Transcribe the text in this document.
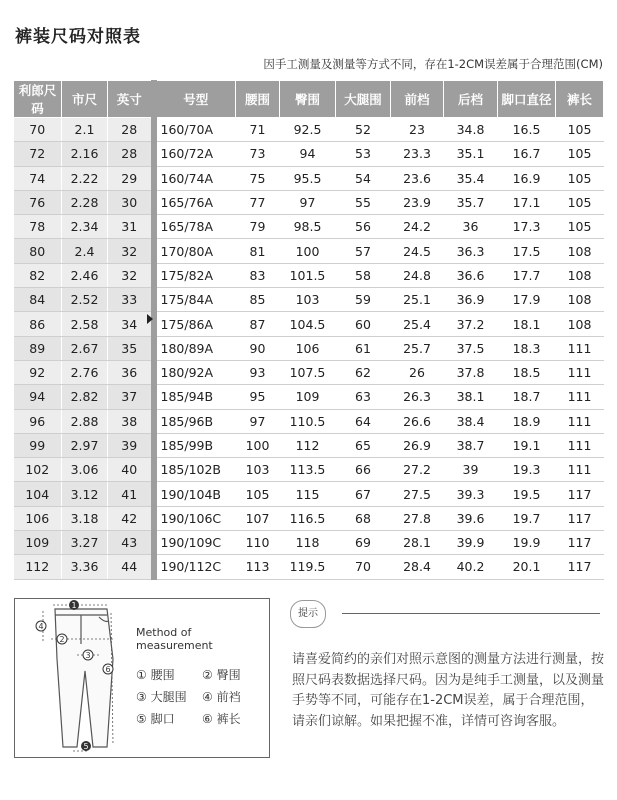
裤装尺码对照表
因手工测量及测量等方式不同，存在1-2CM误差属于合理范围(CM)
利郎尺码	市尺	英寸	号型	腰围	臀围	大腿围	前档	后档	脚口直径	裤长
70	2.1	28	160/70A	71	92.5	52	23	34.8	16.5	105
72	2.16	28	160/72A	73	94	53	23.3	35.1	16.7	105
74	2.22	29	160/74A	75	95.5	54	23.6	35.4	16.9	105
76	2.28	30	165/76A	77	97	55	23.9	35.7	17.1	105
78	2.34	31	165/78A	79	98.5	56	24.2	36	17.3	105
80	2.4	32	170/80A	81	100	57	24.5	36.3	17.5	108
82	2.46	32	175/82A	83	101.5	58	24.8	36.6	17.7	108
84	2.52	33	175/84A	85	103	59	25.1	36.9	17.9	108
86	2.58	34	175/86A	87	104.5	60	25.4	37.2	18.1	108
89	2.67	35	180/89A	90	106	61	25.7	37.5	18.3	111
92	2.76	36	180/92A	93	107.5	62	26	37.8	18.5	111
94	2.82	37	185/94B	95	109	63	26.3	38.1	18.7	111
96	2.88	38	185/96B	97	110.5	64	26.6	38.4	18.9	111
99	2.97	39	185/99B	100	112	65	26.9	38.7	19.1	111
102	3.06	40	185/102B	103	113.5	66	27.2	39	19.3	111
104	3.12	41	190/104B	105	115	67	27.5	39.3	19.5	117
106	3.18	42	190/106C	107	116.5	68	27.8	39.6	19.7	117
109	3.27	43	190/109C	110	118	69	28.1	39.9	19.9	117
112	3.36	44	190/112C	113	119.5	70	28.4	40.2	20.1	117
1
2
3
4
5
6
Method of
measurement
① 腰围	② 臀围
③ 大腿围	④ 前裆
⑤ 脚口	⑥ 裤长
提示
请喜爱简约的亲们对照示意图的测量方法进行测量，按照尺码表数据选择尺码。因为是纯手工测量，以及测量手势等不同，可能存在1-2CM误差，属于合理范围，请亲们谅解。如果把握不准，详情可咨询客服。
